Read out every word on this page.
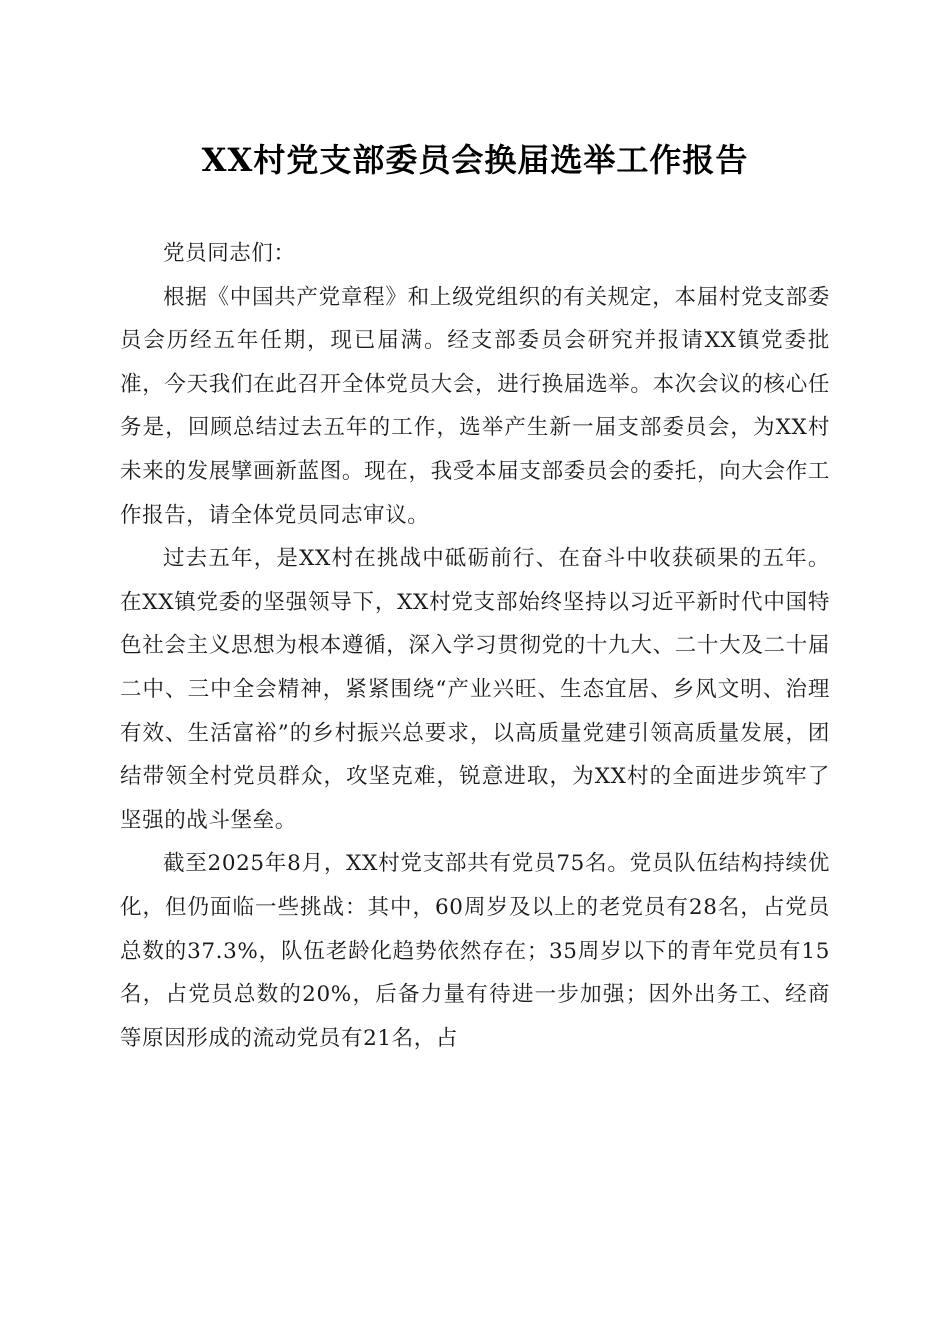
XX村党支部委员会换届选举工作报告

党员同志们：

根据《中国共产党章程》和上级党组织的有关规定，本届村党支部委员会历经五年任期，现已届满。经支部委员会研究并报请XX镇党委批准，今天我们在此召开全体党员大会，进行换届选举。本次会议的核心任务是，回顾总结过去五年的工作，选举产生新一届支部委员会，为XX村未来的发展擘画新蓝图。现在，我受本届支部委员会的委托，向大会作工作报告，请全体党员同志审议。

过去五年，是XX村在挑战中砥砺前行、在奋斗中收获硕果的五年。在XX镇党委的坚强领导下，XX村党支部始终坚持以习近平新时代中国特色社会主义思想为根本遵循，深入学习贯彻党的十九大、二十大及二十届二中、三中全会精神，紧紧围绕“产业兴旺、生态宜居、乡风文明、治理有效、生活富裕”的乡村振兴总要求，以高质量党建引领高质量发展，团结带领全村党员群众，攻坚克难，锐意进取，为XX村的全面进步筑牢了坚强的战斗堡垒。

截至2025年8月，XX村党支部共有党员75名。党员队伍结构持续优化，但仍面临一些挑战：其中，60周岁及以上的老党员有28名，占党员总数的37.3%，队伍老龄化趋势依然存在；35周岁以下的青年党员有15名，占党员总数的20%，后备力量有待进一步加强；因外出务工、经商等原因形成的流动党员有21名，占
